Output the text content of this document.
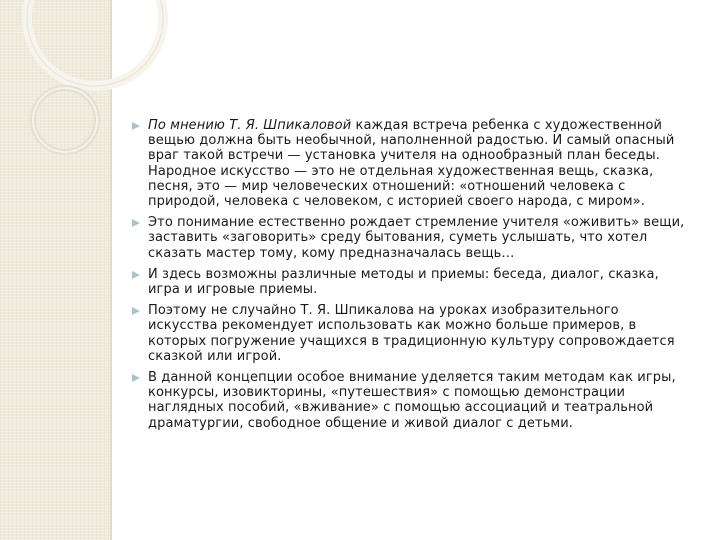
По мнению Т. Я. Шпикаловой каждая встреча ребенка с художественной вещью должна быть необычной, наполненной радостью. И самый опасный враг такой встречи — установка учителя на однообразный план беседы. Народное искусство — это не отдельная художественная вещь, сказка, песня, это — мир человеческих отношений: «отношений человека с природой, человека с человеком, с историей своего народа, с миром».
Это понимание естественно рождает стремление учителя «оживить» вещи, заставить «заговорить» среду бытования, суметь услышать, что хотел сказать мастер тому, кому предназначалась вещь…
И здесь возможны различные методы и приемы: беседа, диалог, сказка, игра и игровые приемы.
Поэтому не случайно Т. Я. Шпикалова на уроках изобразительного искусства рекомендует использовать как можно больше примеров, в которых погружение учащихся в традиционную культуру сопровождается сказкой или игрой.
В данной концепции особое внимание уделяется таким методам как игры, конкурсы, изовикторины, «путешествия» с помощью демонстрации наглядных пособий, «вживание» с помощью ассоциаций и театральной драматургии, свободное общение и живой диалог с детьми.
